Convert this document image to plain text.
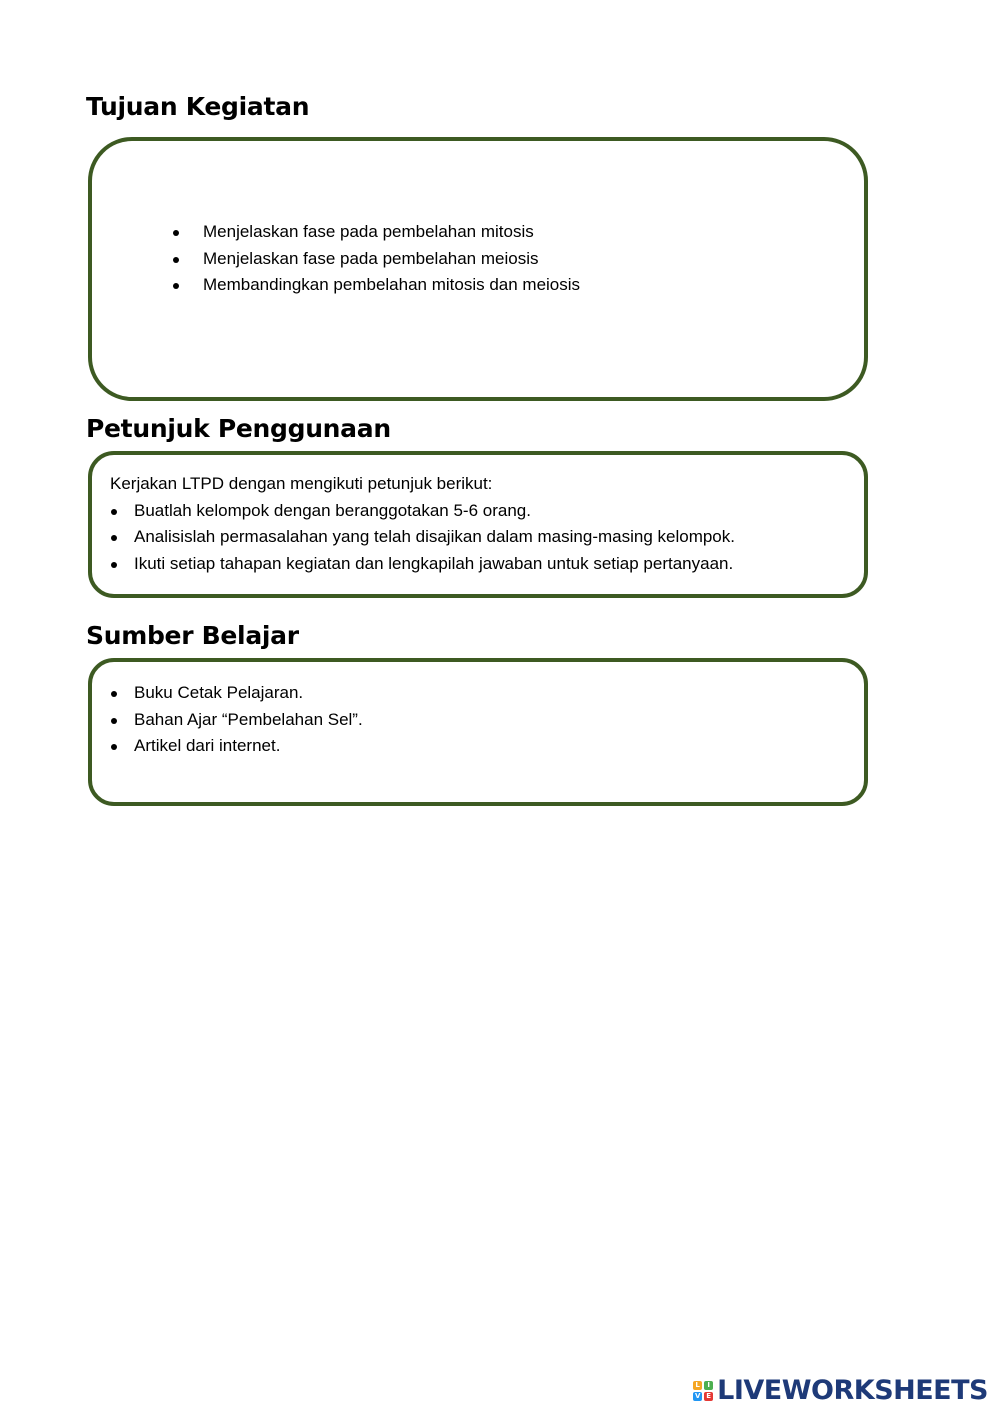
Tujuan Kegiatan
Menjelaskan fase pada pembelahan mitosis
Menjelaskan fase pada pembelahan meiosis
Membandingkan pembelahan mitosis dan meiosis
Petunjuk Penggunaan

Kerjakan LTPD dengan mengikuti petunjuk berikut:

Buatlah kelompok dengan beranggotakan 5-6 orang.
Analisislah permasalahan yang telah disajikan dalam masing-masing kelompok.
Ikuti setiap tahapan kegiatan dan lengkapilah jawaban untuk setiap pertanyaan.
Sumber Belajar
Buku Cetak Pelajaran.
Bahan Ajar “Pembelahan Sel”.
Artikel dari internet.
L	I
V E LIVEWORKSHEETS
